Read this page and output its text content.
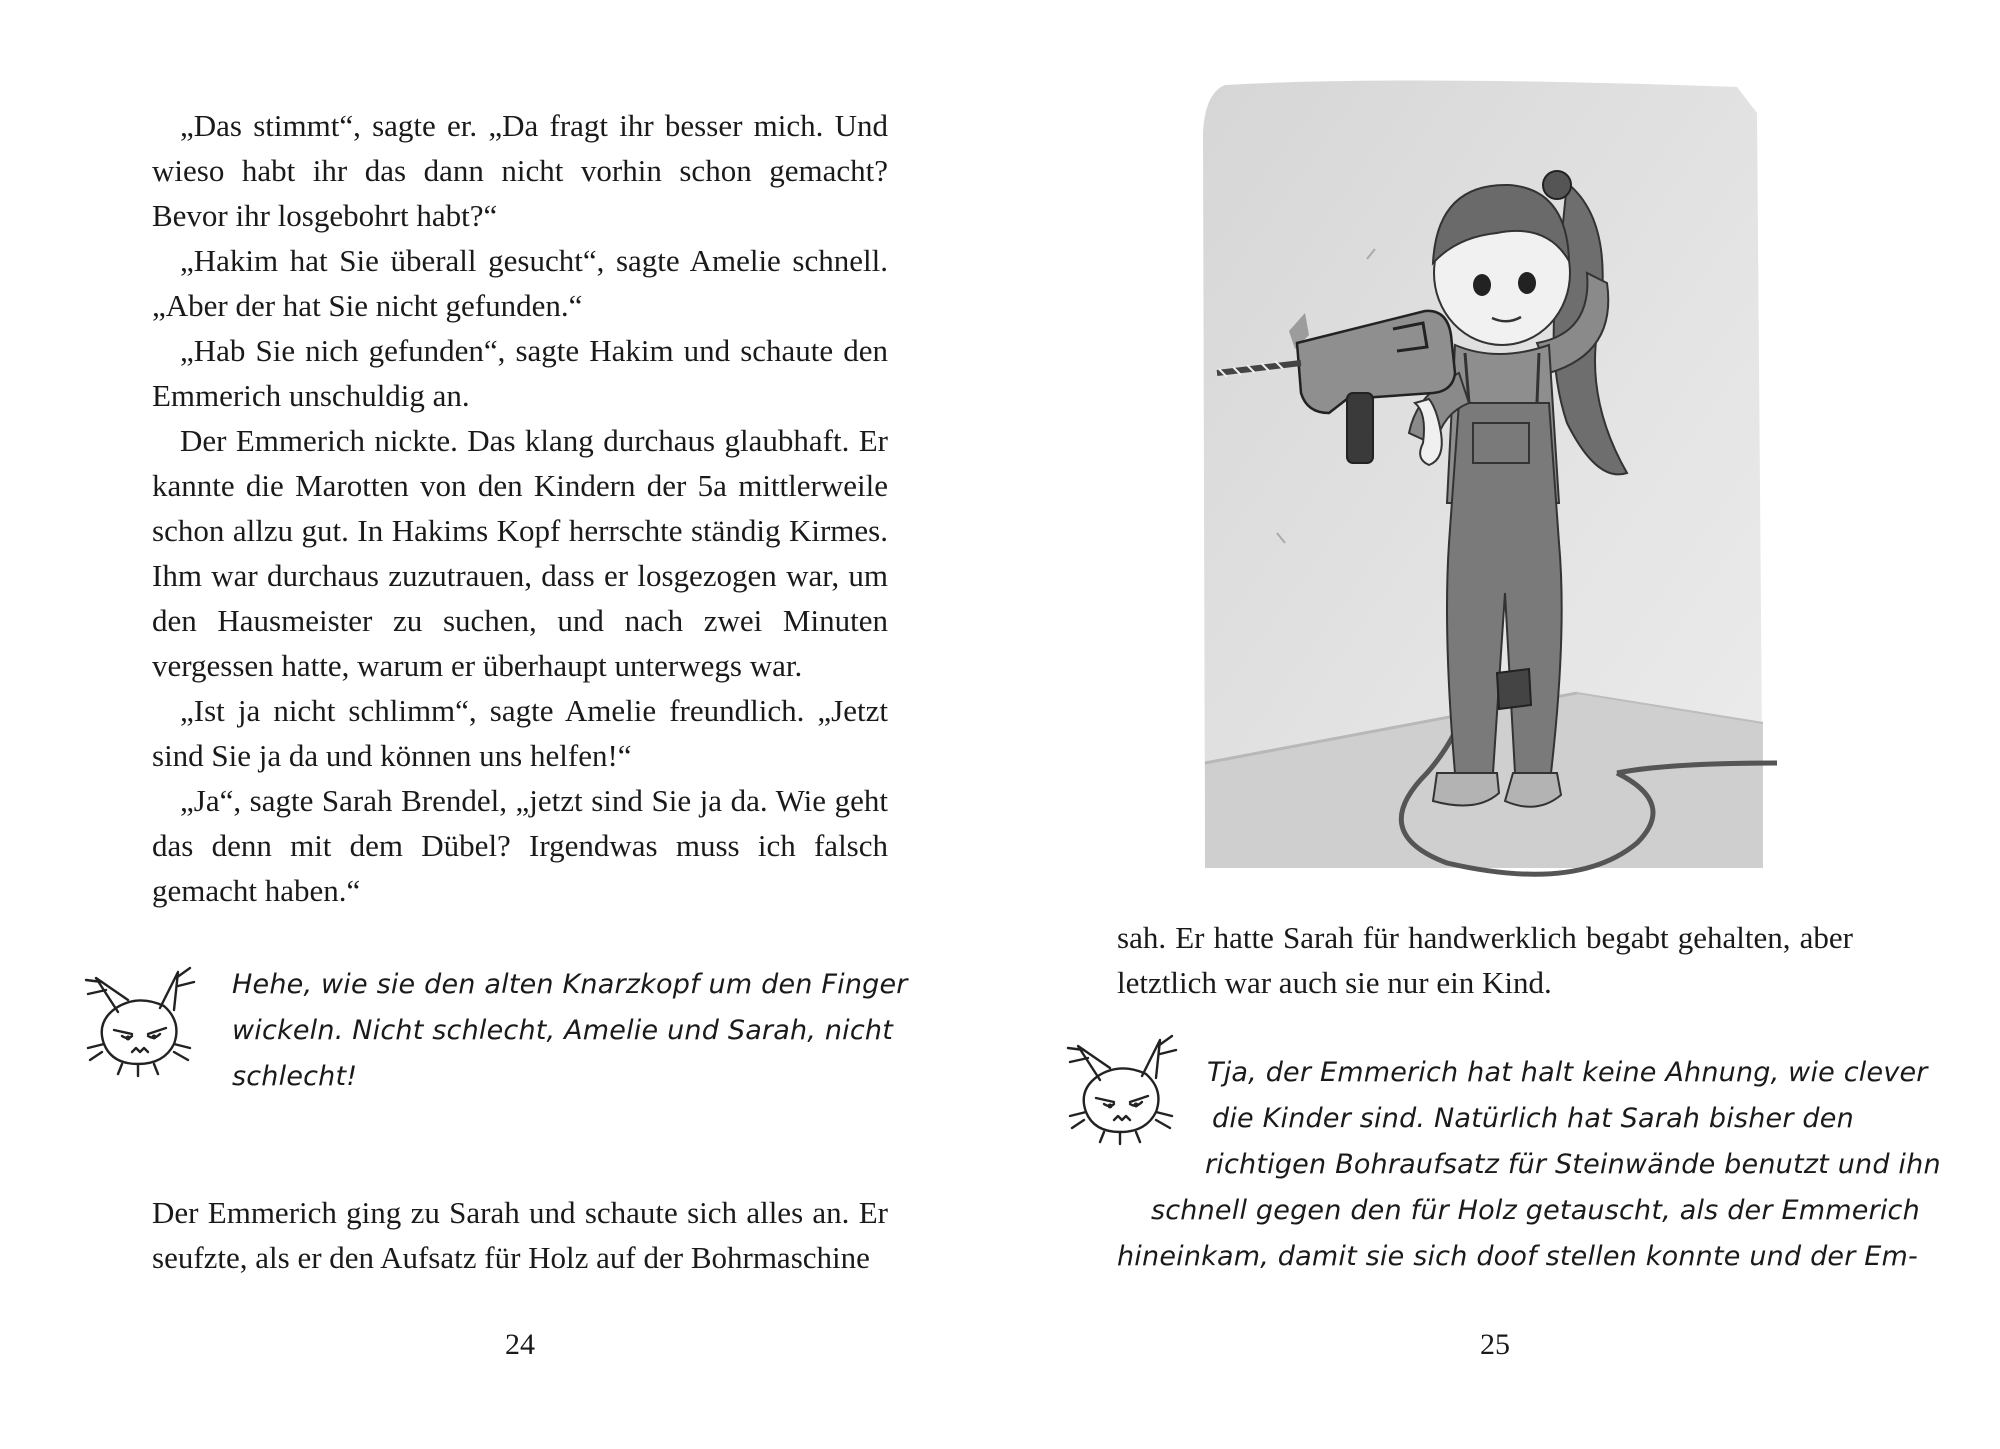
„Das stimmt“, sagte er. „Da fragt ihr besser mich. Und wieso habt ihr das dann nicht vorhin schon gemacht? Bevor ihr losgebohrt habt?“

„Hakim hat Sie überall gesucht“, sagte Amelie schnell. „Aber der hat Sie nicht gefunden.“

„Hab Sie nich gefunden“, sagte Hakim und schaute den Emmerich unschuldig an.

Der Emmerich nickte. Das klang durchaus glaubhaft. Er kannte die Marotten von den Kindern der 5a mittlerweile schon allzu gut. In Hakims Kopf herrschte ständig Kirmes. Ihm war durchaus zuzutrauen, dass er losgezogen war, um den Hausmeister zu suchen, und nach zwei Minuten vergessen hatte, warum er überhaupt unterwegs war.

„Ist ja nicht schlimm“, sagte Amelie freundlich. „Jetzt sind Sie ja da und können uns helfen!“

„Ja“, sagte Sarah Brendel, „jetzt sind Sie ja da. Wie geht das denn mit dem Dübel? Irgendwas muss ich falsch gemacht haben.“

Hehe, wie sie den alten Knarzkopf um den Finger
wickeln. Nicht schlecht, Amelie und Sarah, nicht
schlecht!

Der Emmerich ging zu Sarah und schaute sich alles an. Er seufzte, als er den Aufsatz für Holz auf der Bohrmaschine

24

sah. Er hatte Sarah für handwerklich begabt gehalten, aber letztlich war auch sie nur ein Kind.

Tja, der Emmerich hat halt keine Ahnung, wie clever
die Kinder sind. Natürlich hat Sarah bisher den
richtigen Bohraufsatz für Steinwände benutzt und ihn
schnell gegen den für Holz getauscht, als der Emmerich
hineinkam, damit sie sich doof stellen konnte und der Em-
25
